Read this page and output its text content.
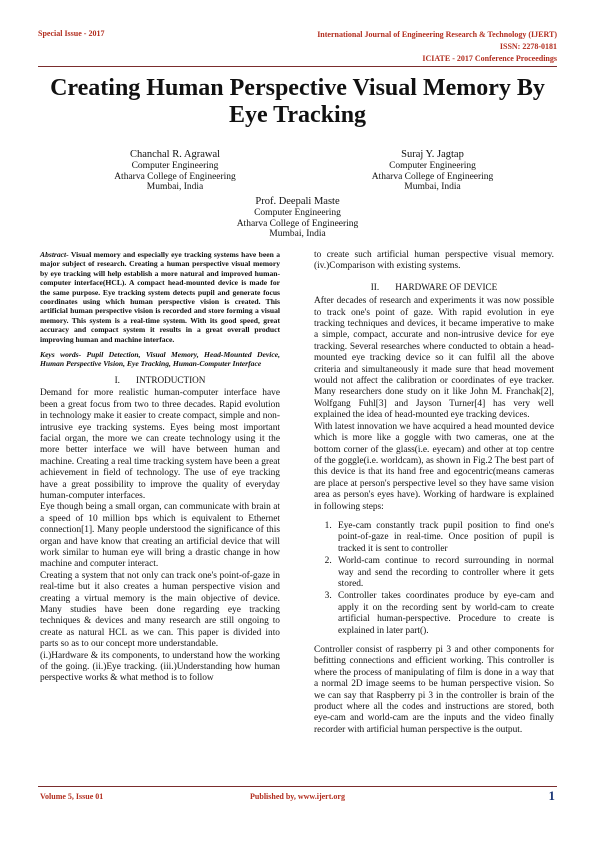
Special Issue - 2017	International Journal of Engineering Research & Technology (IJERT)
ISSN: 2278-0181
ICIATE - 2017 Conference Proceedings
Creating Human Perspective Visual Memory By Eye Tracking
Chanchal R. Agrawal
Computer Engineering
Atharva College of Engineering
Mumbai, India
Suraj Y. Jagtap
Computer Engineering
Atharva College of Engineering
Mumbai, India
Prof. Deepali Maste
Computer Engineering
Atharva College of Engineering
Mumbai, India

Abstract- Visual memory and especially eye tracking systems have been a major subject of research. Creating a human perspective visual memory by eye tracking will help establish a more natural and improved human-computer interface(HCL). A compact head-mounted device is made for the same purpose. Eye tracking system detects pupil and generate focus coordinates using which human perspective vision is created. This artificial human perspective vision is recorded and store forming a visual memory. This system is a real-time system. With its good speed, great accuracy and compact system it results in a great overall product improving human and machine interface.

Keys words- Pupil Detection, Visual Memory, Head-Mounted Device, Human Perspective Vision, Eye Tracking, Human-Computer Interface

I.       INTRODUCTION

Demand for more realistic human-computer interface have been a great focus from two to three decades. Rapid evolution in technology make it easier to create compact, simple and non-intrusive eye tracking systems. Eyes being most important facial organ, the more we can create technology using it the more better interface we will have between human and machine. Creating a real time tracking system have been a great achievement in field of technology. The use of eye tracking have a great possibility to improve the quality of everyday human-computer interfaces.

Eye though being a small organ, can communicate with brain at a speed of 10 million bps which is equivalent to Ethernet connection[1]. Many people understood the significance of this organ and have know that creating an artificial device that will work similar to human eye will bring a drastic change in how machine and computer interact.

Creating a system that not only can track one's point-of-gaze in real-time but it also creates a human perspective vision and creating a virtual memory is the main objective of device. Many studies have been done regarding eye tracking techniques & devices and many research are still ongoing to create as natural HCL as we can. This paper is divided into parts so as to our concept more understandable.

(i.)Hardware & its components, to understand how the working of the going. (ii.)Eye tracking. (iii.)Understanding how human perspective works & what method is to follow

to create such artificial human perspective visual memory. (iv.)Comparison with existing systems.

II.       HARDWARE OF DEVICE

After decades of research and experiments it was now possible to track one's point of gaze. With rapid evolution in eye tracking techniques and devices, it became imperative to make a simple, compact, accurate and non-intrusive device for eye tracking. Several researches where conducted to obtain a head-mounted eye tracking device so it can fulfil all the above criteria and simultaneously it made sure that head movement would not affect the calibration or coordinates of eye tracker. Many researchers done study on it like John M. Franchak[2], Wolfgang Fuhl[3] and Jayson Turner[4] has very well explained the idea of head-mounted eye tracking devices.

With latest innovation we have acquired a head mounted device which is more like a goggle with two cameras, one at the bottom corner of the glass(i.e. eyecam) and other at top centre of the goggle(i.e. worldcam), as shown in Fig.2 The best part of this device is that its hand free and egocentric(means cameras are place at person's perspective level so they have same vision area as person's eyes have). Working of hardware is explained in following steps:

1. Eye-cam constantly track pupil position to find one's point-of-gaze in real-time. Once position of pupil is tracked it is sent to controller
2. World-cam continue to record surrounding in normal way and send the recording to controller where it gets stored.
3. Controller takes coordinates produce by eye-cam and apply it on the recording sent by world-cam to create artificial human-perspective. Procedure to create is explained in later part().

Controller consist of raspberry pi 3 and other components for befitting connections and efficient working. This controller is where the process of manipulating of film is done in a way that a normal 2D image seems to be human perspective vision. So we can say that Raspberry pi 3 in the controller is brain of the product where all the codes and instructions are stored, both eye-cam and world-cam are the inputs and the video finally recorder with artificial human perspective is the output.

Volume 5, Issue 01	Published by, www.ijert.org	1
